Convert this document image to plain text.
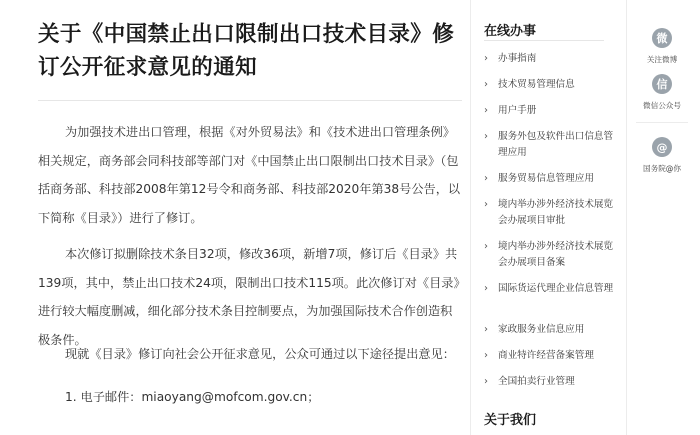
关于《中国禁止出口限制出口技术目录》修订公开征求意见的通知

为加强技术进出口管理，根据《对外贸易法》和《技术进出口管理条例》相关规定，商务部会同科技部等部门对《中国禁止出口限制出口技术目录》（包括商务部、科技部2008年第12号令和商务部、科技部2020年第38号公告，以下简称《目录》）进行了修订。

本次修订拟删除技术条目32项，修改36项，新增7项，修订后《目录》共139项，其中，禁止出口技术24项，限制出口技术115项。此次修订对《目录》进行较大幅度删减，细化部分技术条目控制要点，为加强国际技术合作创造积极条件。

现就《目录》修订向社会公开征求意见，公众可通过以下途径提出意见：

1. 电子邮件：miaoyang@mofcom.gov.cn；

在线办事
› 办事指南
› 技术贸易管理信息
› 用户手册
› 服务外包及软件出口信息管理应用
› 服务贸易信息管理应用
› 境内举办涉外经济技术展览会办展项目审批
› 境内举办涉外经济技术展览会办展项目备案
› 国际货运代理企业信息管理
› 家政服务业信息应用
› 商业特许经营备案管理
› 全国拍卖行业管理
关于我们
微
关注微博
信
微信公众号
@
国务院@你
